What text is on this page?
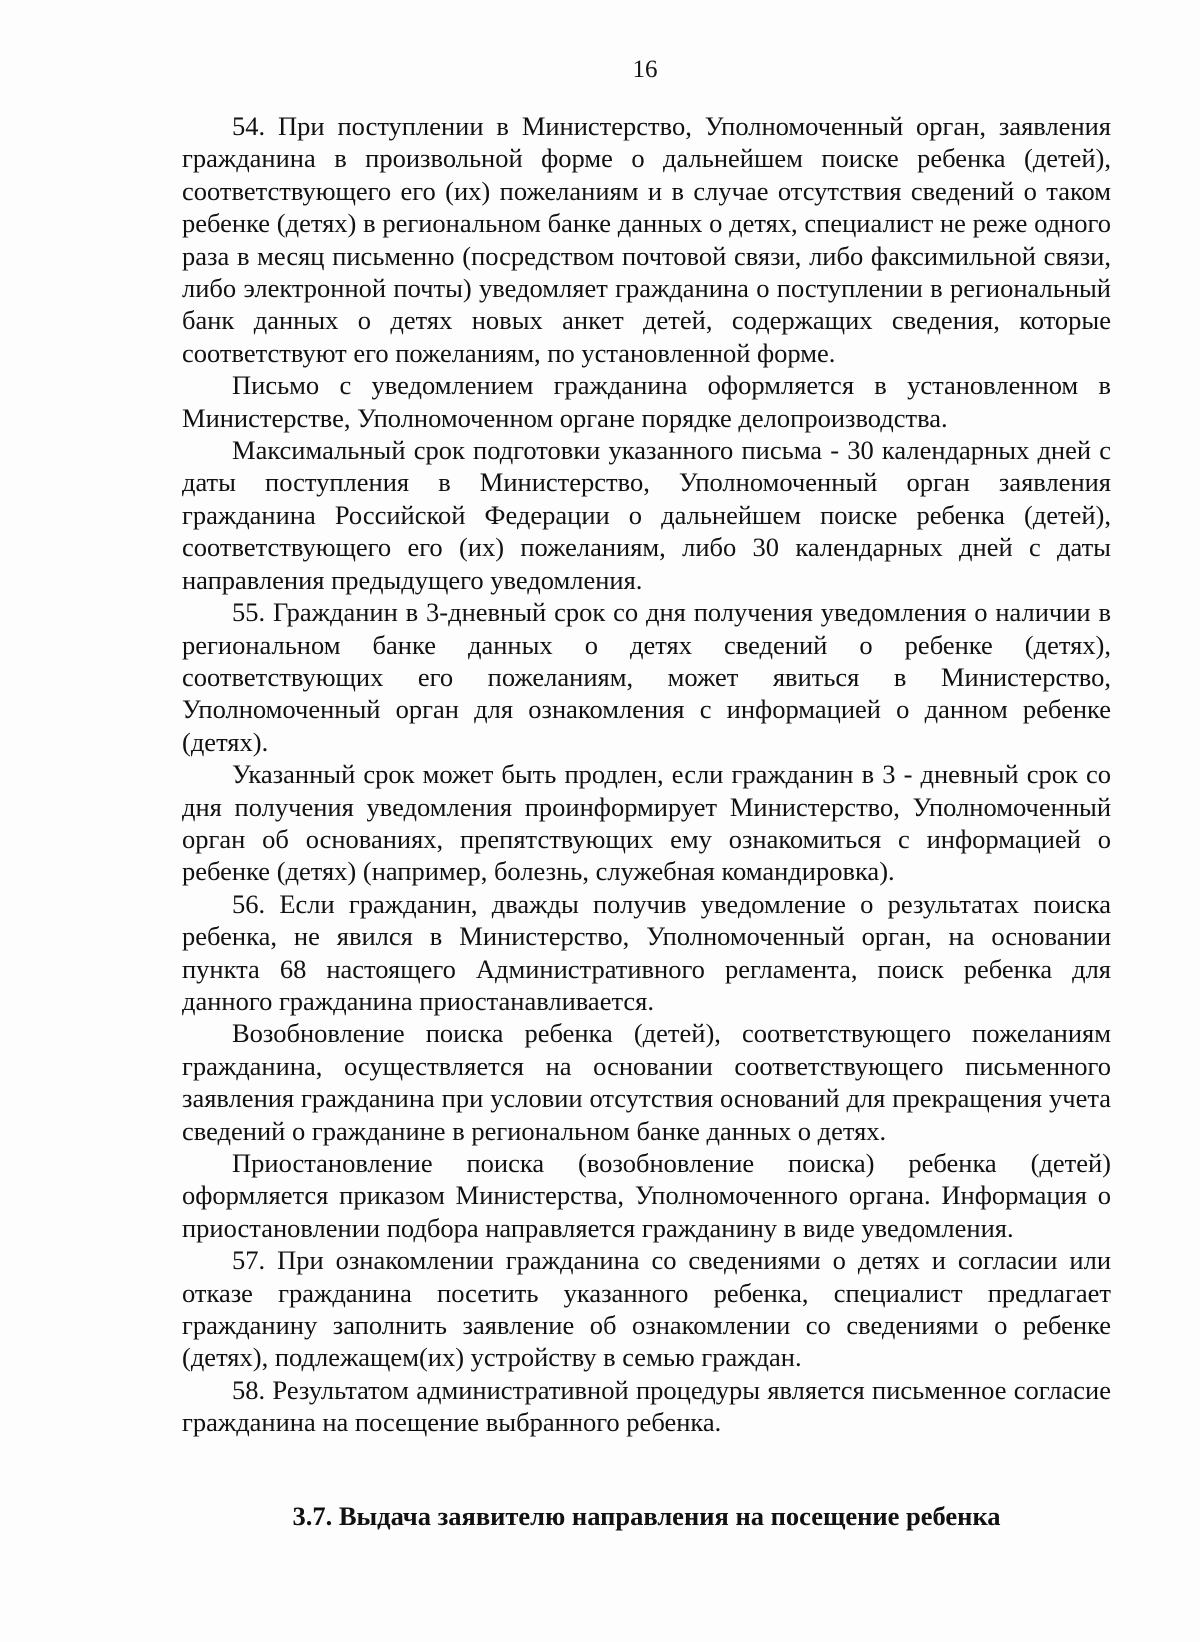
16

54. При поступлении в Министерство, Уполномоченный орган, заявления гражданина в произвольной форме о дальнейшем поиске ребенка (детей), соответствующего его (их) пожеланиям и в случае отсутствия сведений о таком ребенке (детях) в региональном банке данных о детях, специалист не реже одного раза в месяц письменно (посредством почтовой связи, либо факсимильной связи, либо электронной почты) уведомляет гражданина о поступлении в региональный банк данных о детях новых анкет детей, содержащих сведения, которые соответствуют его пожеланиям, по установленной форме.

Письмо с уведомлением гражданина оформляется в установленном в Министерстве, Уполномоченном органе порядке делопроизводства.

Максимальный срок подготовки указанного письма - 30 календарных дней с даты поступления в Министерство, Уполномоченный орган заявления гражданина Российской Федерации о дальнейшем поиске ребенка (детей), соответствующего его (их) пожеланиям, либо 30 календарных дней с даты направления предыдущего уведомления.

55. Гражданин в 3-дневный срок со дня получения уведомления о наличии в региональном банке данных о детях сведений о ребенке (детях), соответствующих его пожеланиям, может явиться в Министерство, Уполномоченный орган для ознакомления с информацией о данном ребенке (детях).

Указанный срок может быть продлен, если гражданин в 3 - дневный срок со дня получения уведомления проинформирует Министерство, Уполномоченный орган об основаниях, препятствующих ему ознакомиться с информацией о ребенке (детях) (например, болезнь, служебная командировка).

56. Если гражданин, дважды получив уведомление о результатах поиска ребенка, не явился в Министерство, Уполномоченный орган, на основании пункта 68 настоящего Административного регламента, поиск ребенка для данного гражданина приостанавливается.

Возобновление поиска ребенка (детей), соответствующего пожеланиям гражданина, осуществляется на основании соответствующего письменного заявления гражданина при условии отсутствия оснований для прекращения учета сведений о гражданине в региональном банке данных о детях.

Приостановление поиска (возобновление поиска) ребенка (детей) оформляется приказом Министерства, Уполномоченного органа. Информация о приостановлении подбора направляется гражданину в виде уведомления.

57. При ознакомлении гражданина со сведениями о детях и согласии или отказе гражданина посетить указанного ребенка, специалист предлагает гражданину заполнить заявление об ознакомлении со сведениями о ребенке (детях), подлежащем(их) устройству в семью граждан.

58. Результатом административной процедуры является письменное согласие гражданина на посещение выбранного ребенка.

3.7. Выдача заявителю направления на посещение ребенка
